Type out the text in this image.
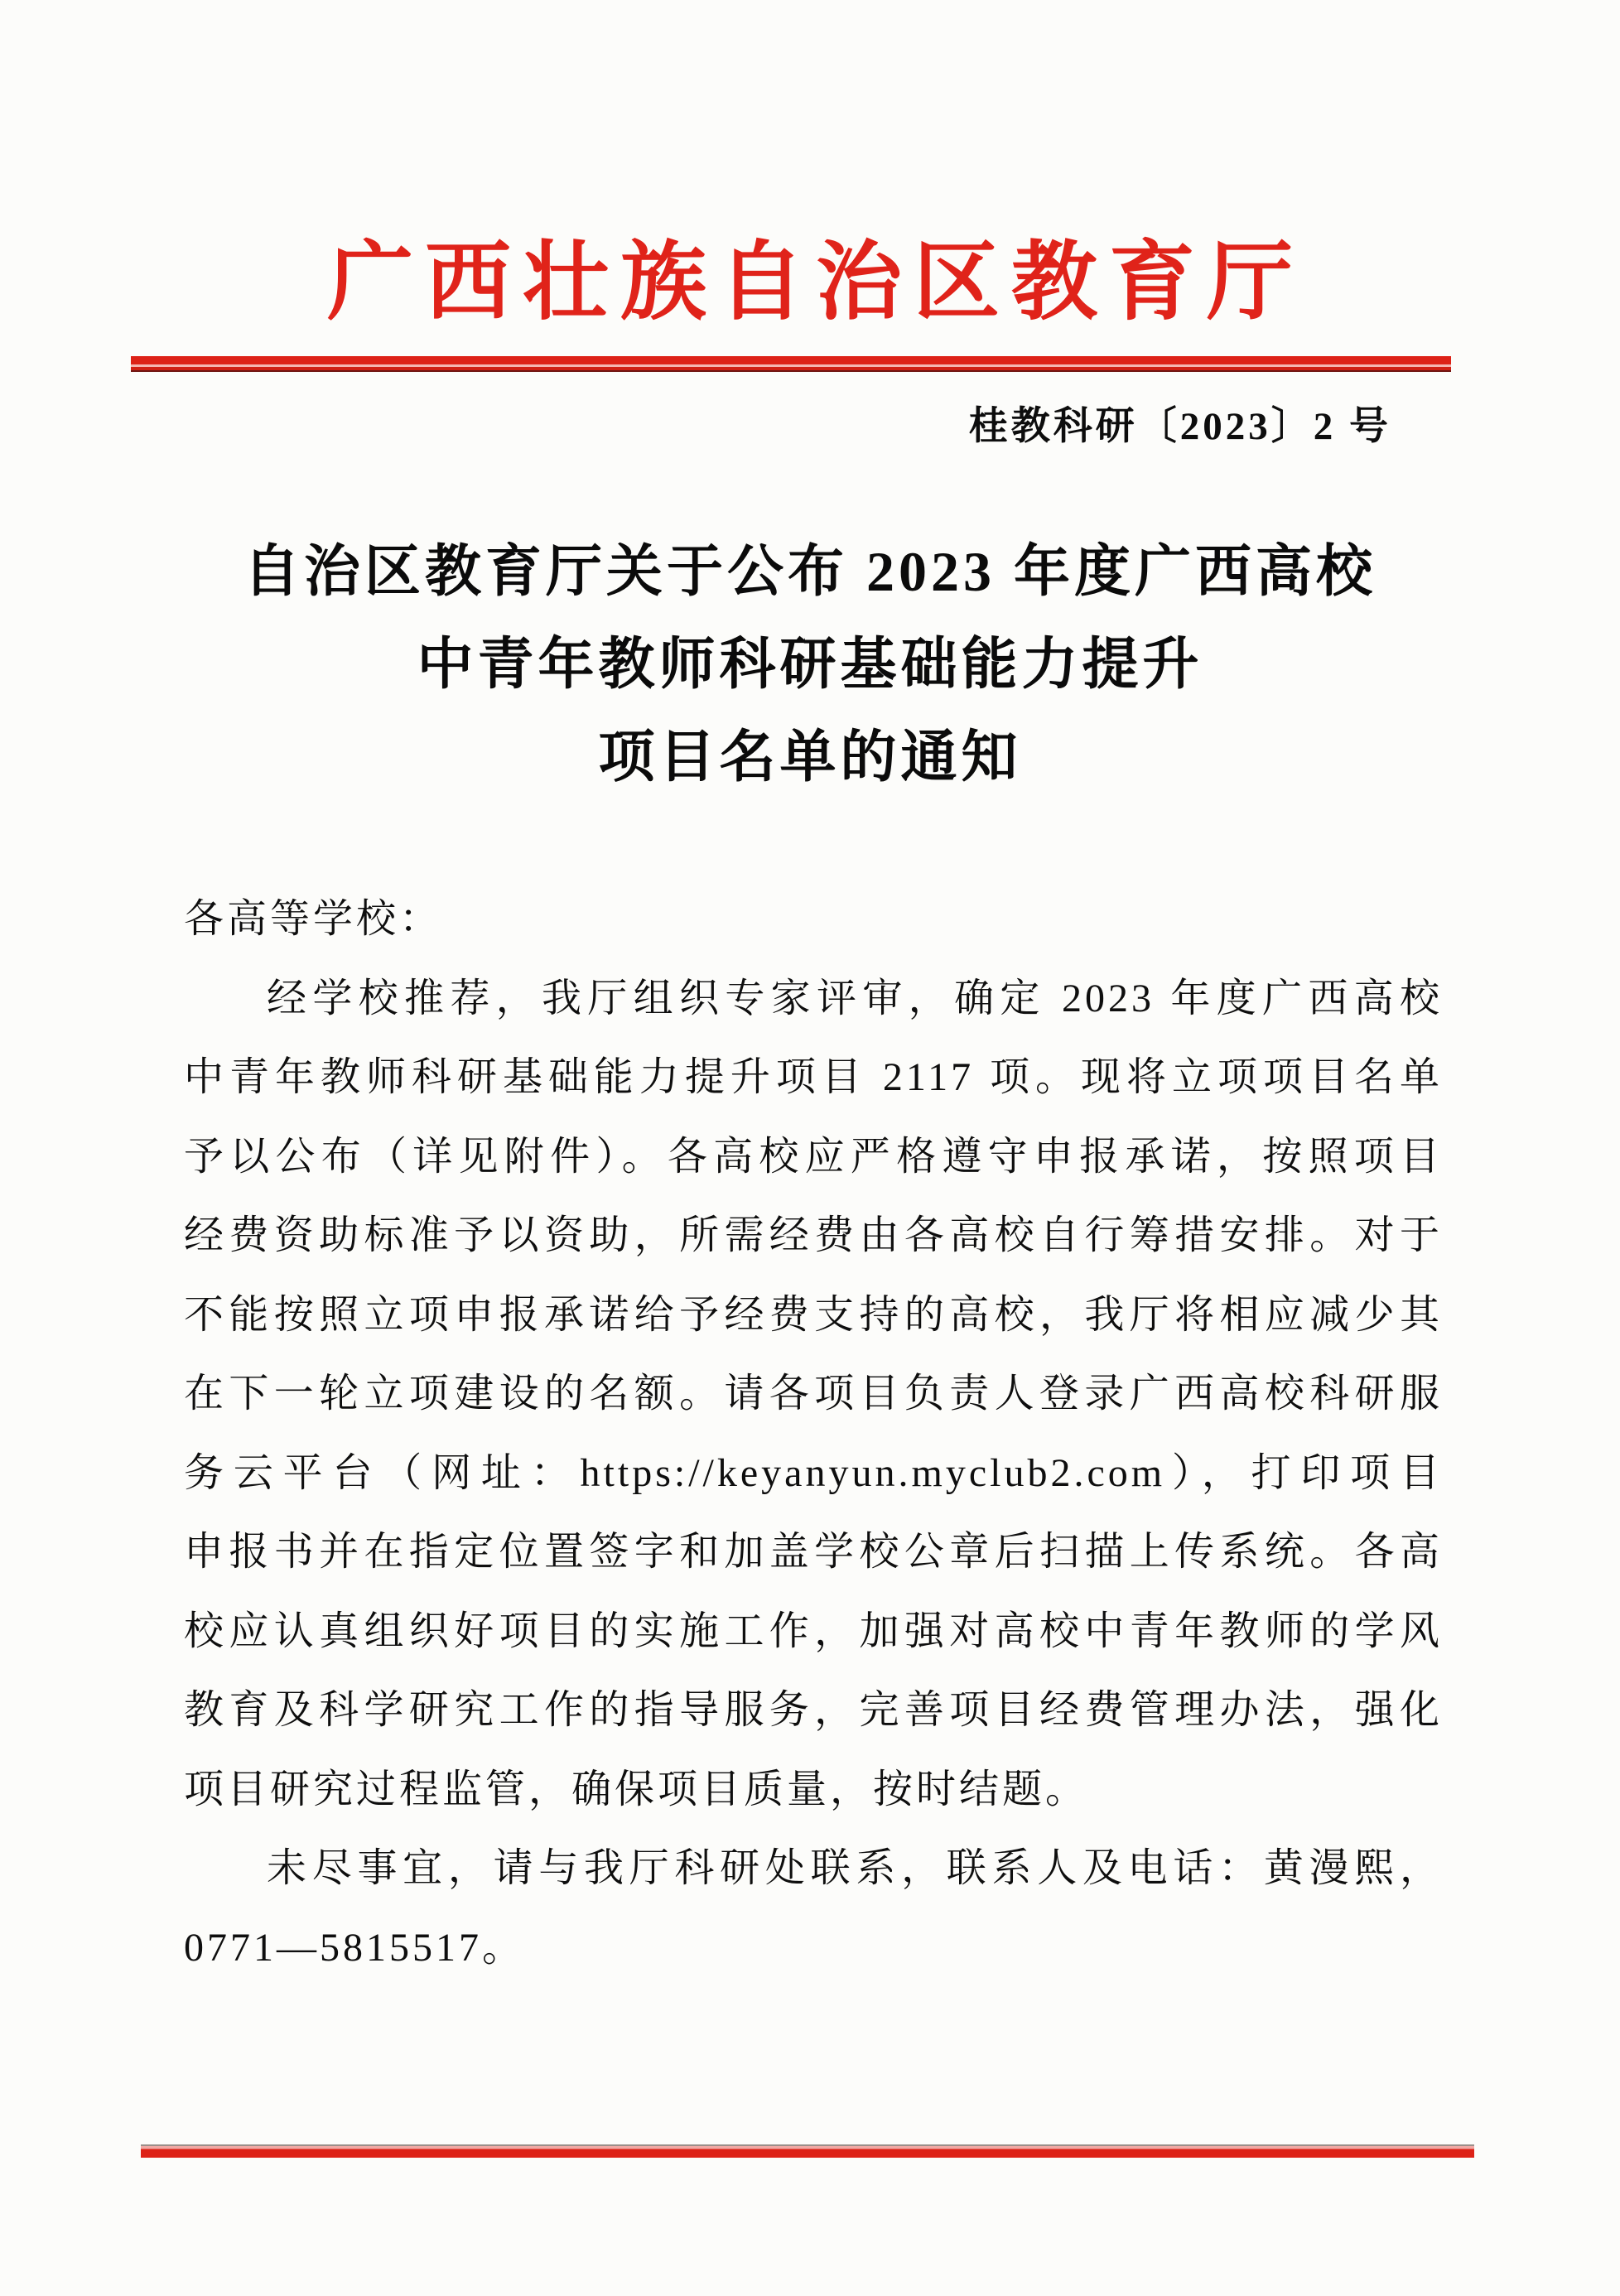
广西壮族自治区教育厅
桂教科研〔2023〕2 号
自治区教育厅关于公布 2023 年度广西高校
中青年教师科研基础能力提升
项目名单的通知
各高等学校：
经学校推荐，我厅组织专家评审，确定 2023 年度广西高校
中青年教师科研基础能力提升项目 2117 项。现将立项项目名单
予以公布（详见附件）。各高校应严格遵守申报承诺，按照项目
经费资助标准予以资助，所需经费由各高校自行筹措安排。对于
不能按照立项申报承诺给予经费支持的高校，我厅将相应减少其
在下一轮立项建设的名额。请各项目负责人登录广西高校科研服
务云平台（网址：https://keyanyun.myclub2.com），打印项目
申报书并在指定位置签字和加盖学校公章后扫描上传系统。各高
校应认真组织好项目的实施工作，加强对高校中青年教师的学风
教育及科学研究工作的指导服务，完善项目经费管理办法，强化
项目研究过程监管，确保项目质量，按时结题。
未尽事宜，请与我厅科研处联系，联系人及电话：黄漫熙，
0771—5815517。
